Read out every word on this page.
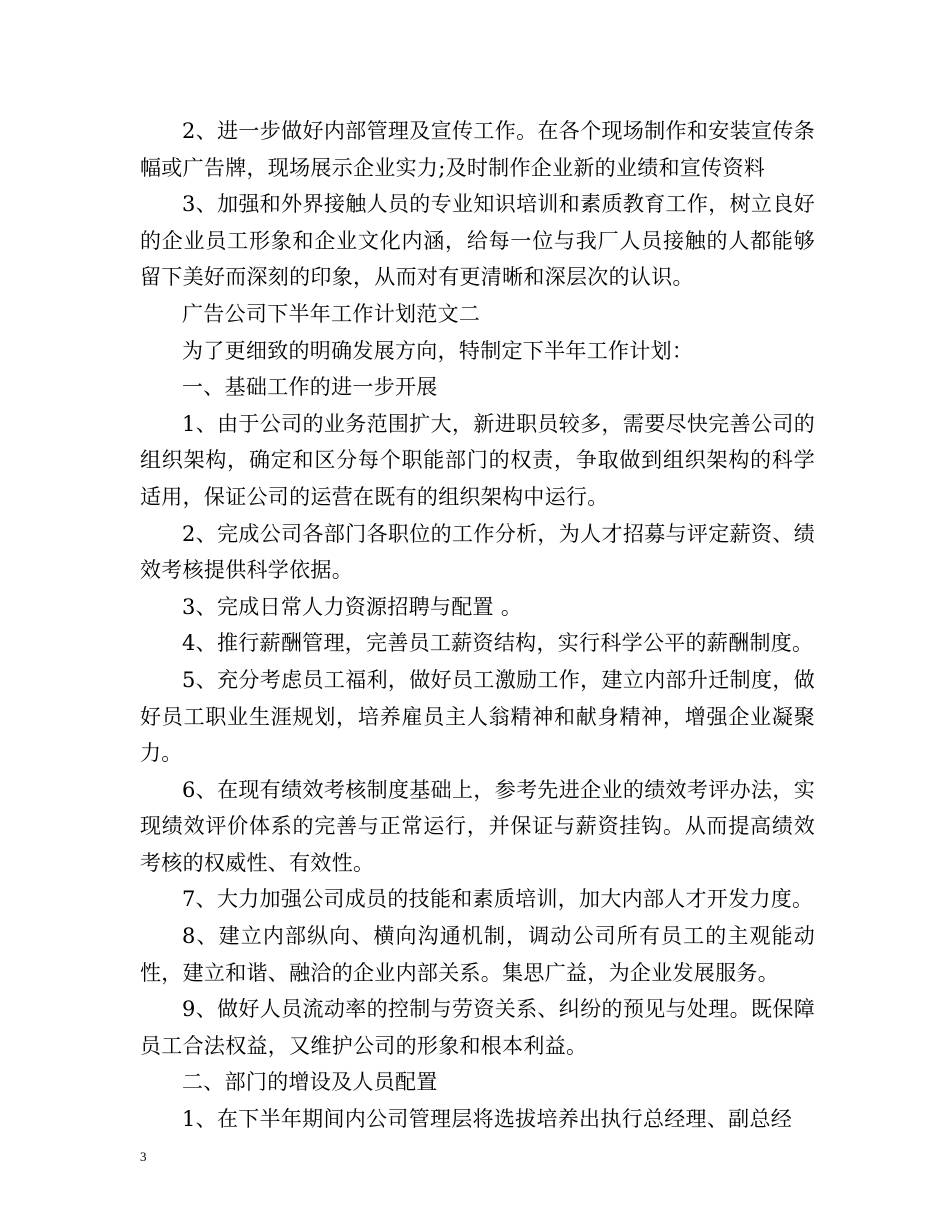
2、进一步做好内部管理及宣传工作。在各个现场制作和安装宣传条幅或广告牌，现场展示企业实力;及时制作企业新的业绩和宣传资料

3、加强和外界接触人员的专业知识培训和素质教育工作，树立良好的企业员工形象和企业文化内涵，给每一位与我厂人员接触的人都能够留下美好而深刻的印象，从而对有更清晰和深层次的认识。

广告公司下半年工作计划范文二

为了更细致的明确发展方向，特制定下半年工作计划：

一、基础工作的进一步开展

1、由于公司的业务范围扩大，新进职员较多，需要尽快完善公司的组织架构，确定和区分每个职能部门的权责，争取做到组织架构的科学适用，保证公司的运营在既有的组织架构中运行。

2、完成公司各部门各职位的工作分析，为人才招募与评定薪资、绩效考核提供科学依据。

3、完成日常人力资源招聘与配置 。

4、推行薪酬管理，完善员工薪资结构，实行科学公平的薪酬制度。

5、充分考虑员工福利，做好员工激励工作，建立内部升迁制度，做好员工职业生涯规划，培养雇员主人翁精神和献身精神，增强企业凝聚力。

6、在现有绩效考核制度基础上，参考先进企业的绩效考评办法，实现绩效评价体系的完善与正常运行，并保证与薪资挂钩。从而提高绩效考核的权威性、有效性。

7、大力加强公司成员的技能和素质培训，加大内部人才开发力度。

8、建立内部纵向、横向沟通机制，调动公司所有员工的主观能动性，建立和谐、融洽的企业内部关系。集思广益，为企业发展服务。

9、做好人员流动率的控制与劳资关系、纠纷的预见与处理。既保障员工合法权益，又维护公司的形象和根本利益。

二、部门的增设及人员配置

1、在下半年期间内公司管理层将选拔培养出执行总经理、副总经

3
